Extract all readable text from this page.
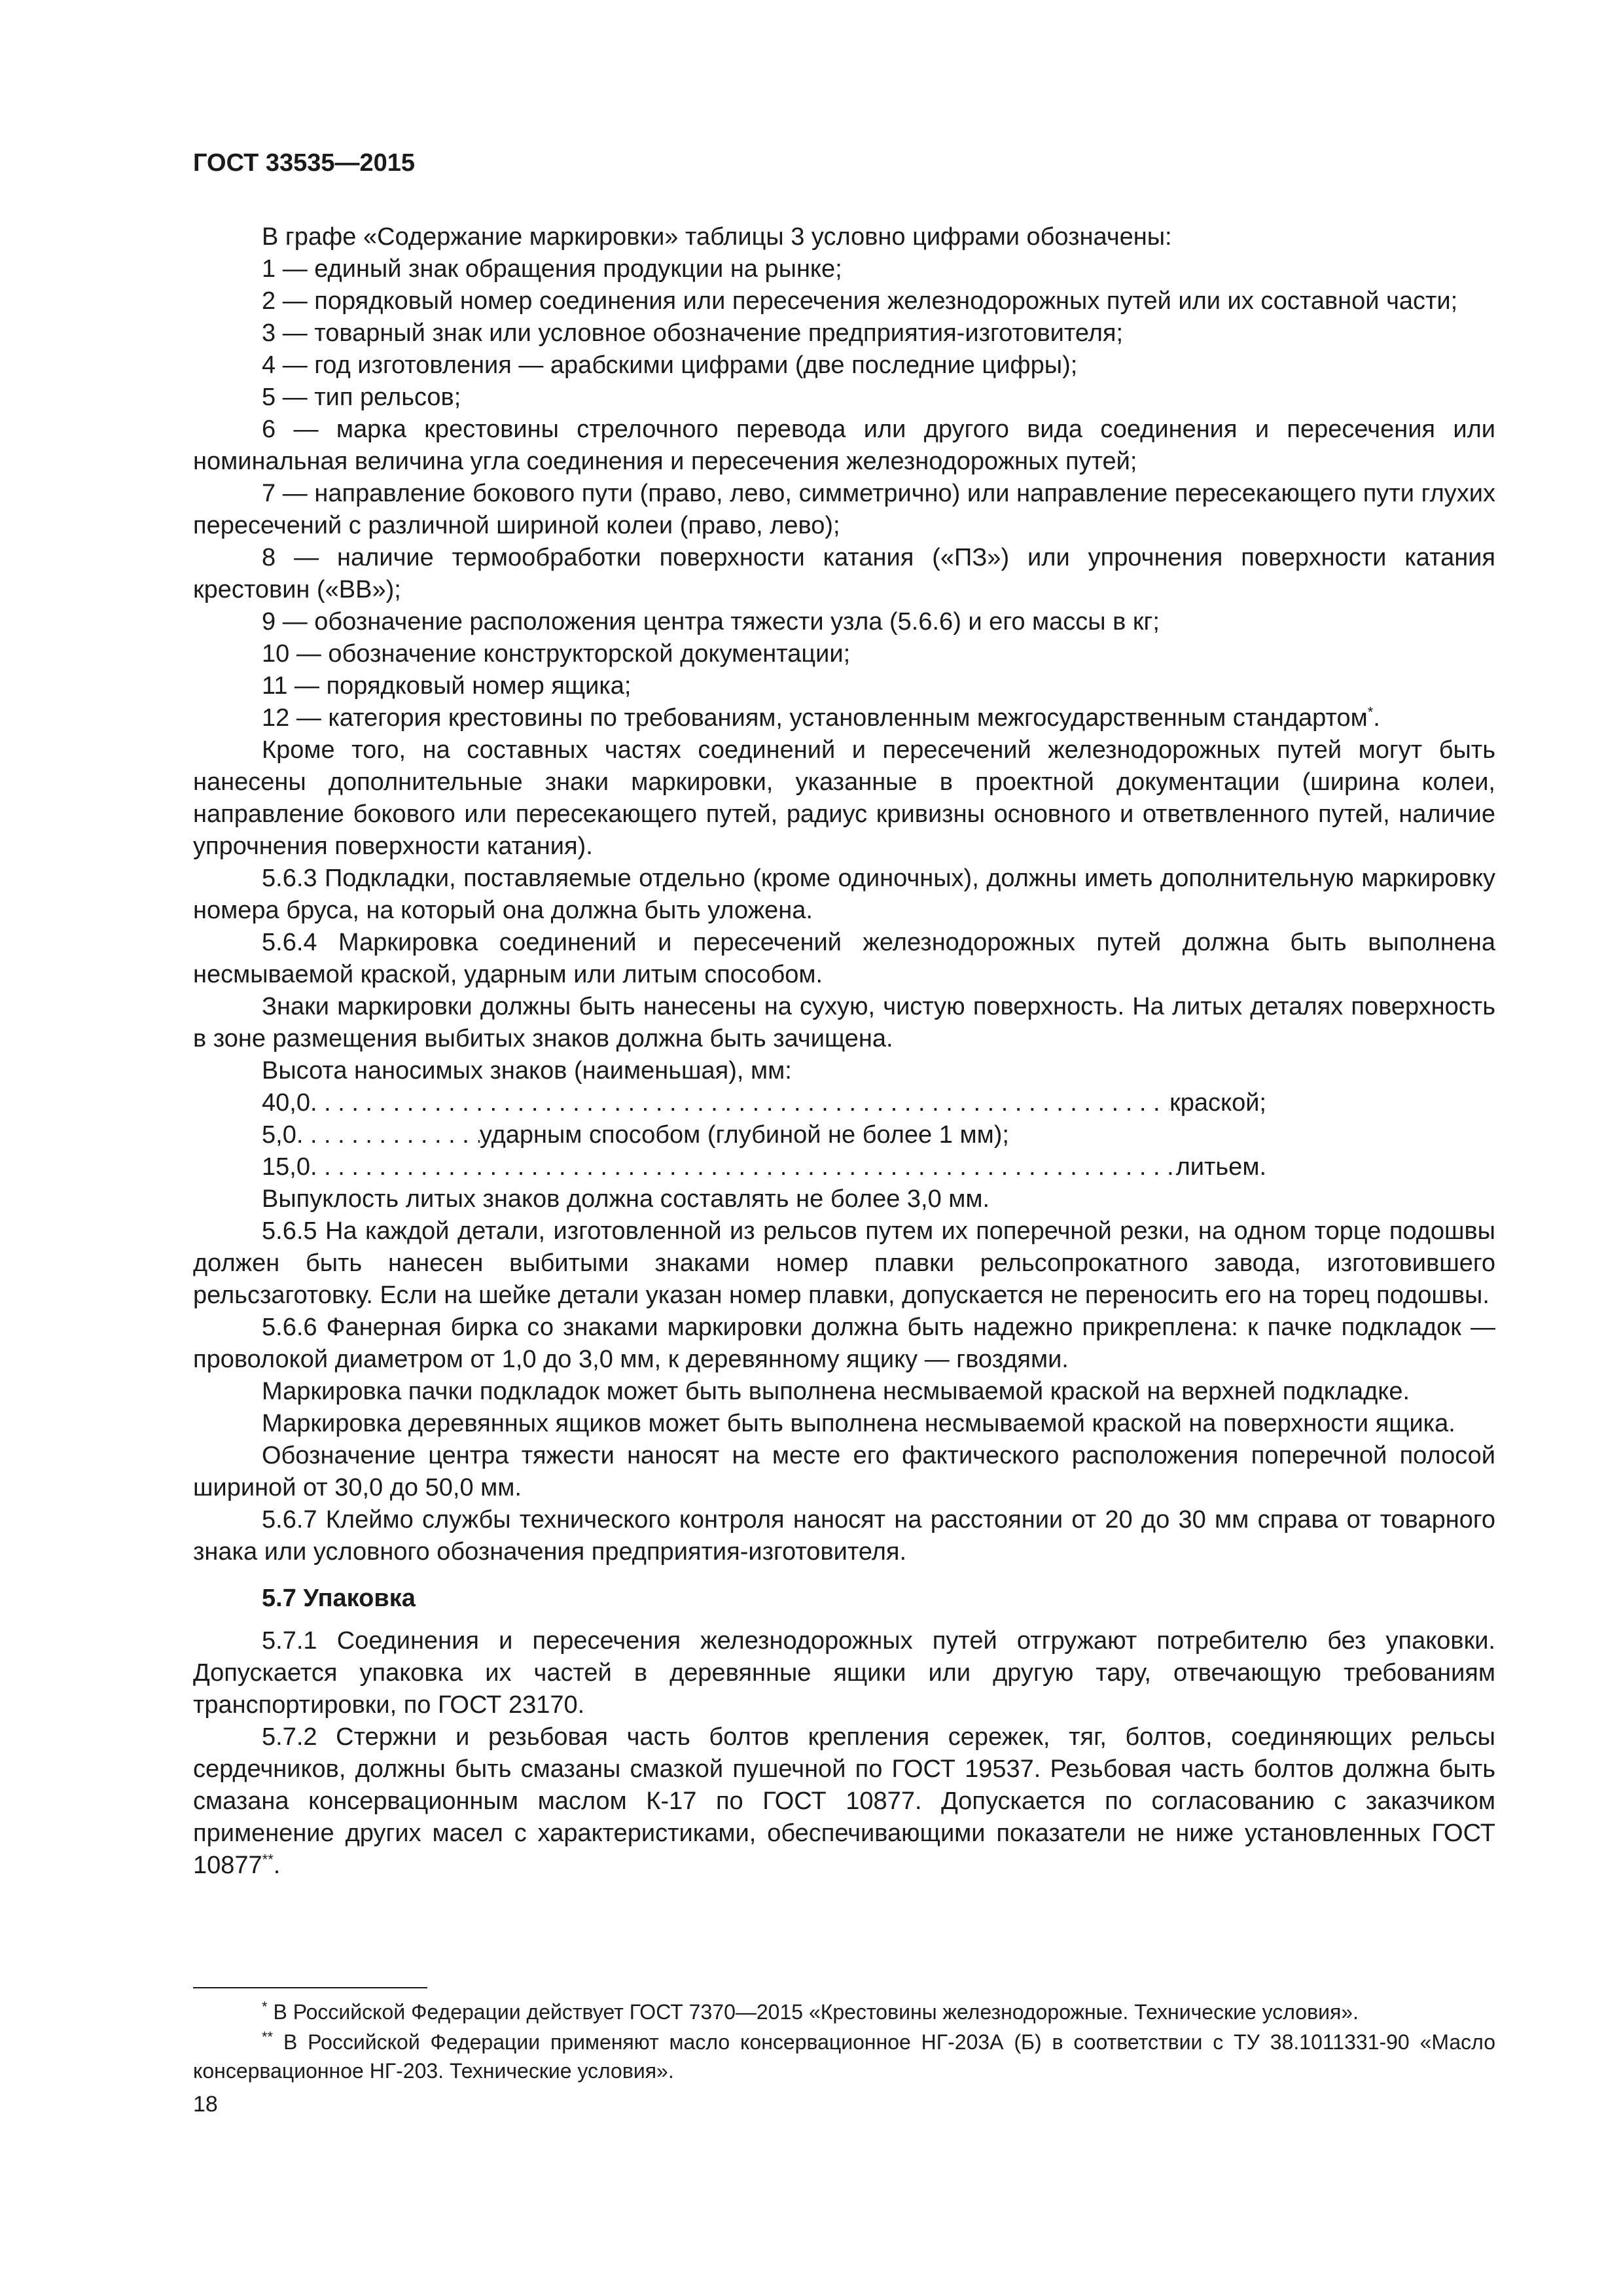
ГОСТ 33535—2015

В графе «Содержание маркировки» таблицы 3 условно цифрами обозначены:

1 — единый знак обращения продукции на рынке;

2 — порядковый номер соединения или пересечения железнодорожных путей или их составной части;

3 — товарный знак или условное обозначение предприятия-изготовителя;

4 — год изготовления — арабскими цифрами (две последние цифры);

5 — тип рельсов;

6 — марка крестовины стрелочного перевода или другого вида соединения и пересечения или номинальная величина угла соединения и пересечения железнодорожных путей;

7 — направление бокового пути (право, лево, симметрично) или направление пересекающего пути глухих пересечений с различной шириной колеи (право, лево);

8 — наличие термообработки поверхности катания («ПЗ») или упрочнения поверхности катания крестовин («ВВ»);

9 — обозначение расположения центра тяжести узла (5.6.6) и его массы в кг;

10 — обозначение конструкторской документации;

11 — порядковый номер ящика;

12 — категория крестовины по требованиям, установленным межгосударственным стандартом*.

Кроме того, на составных частях соединений и пересечений железнодорожных путей могут быть нанесены дополнительные знаки маркировки, указанные в проектной документации (ширина колеи, направление бокового или пересекающего путей, радиус кривизны основного и ответвленного путей, наличие упрочнения поверхности катания).

5.6.3 Подкладки, поставляемые отдельно (кроме одиночных), должны иметь дополнительную маркировку номера бруса, на который она должна быть уложена.

5.6.4 Маркировка соединений и пересечений железнодорожных путей должна быть выполнена несмываемой краской, ударным или литым способом.

Знаки маркировки должны быть нанесены на сухую, чистую поверхность. На литых деталях поверхность в зоне размещения выбитых знаков должна быть зачищена.

Высота наносимых знаков (наименьшая), мм:

40,0 . . .	краской;
5,0 . . .	ударным способом (глубиной не более 1 мм);
15,0 . . .	литьем.

Выпуклость литых знаков должна составлять не более 3,0 мм.

5.6.5 На каждой детали, изготовленной из рельсов путем их поперечной резки, на одном торце подошвы должен быть нанесен выбитыми знаками номер плавки рельсопрокатного завода, изготовившего рельсзаготовку. Если на шейке детали указан номер плавки, допускается не переносить его на торец подошвы.

5.6.6 Фанерная бирка со знаками маркировки должна быть надежно прикреплена: к пачке подкладок — проволокой диаметром от 1,0 до 3,0 мм, к деревянному ящику — гвоздями.

Маркировка пачки подкладок может быть выполнена несмываемой краской на верхней подкладке.

Маркировка деревянных ящиков может быть выполнена несмываемой краской на поверхности ящика.

Обозначение центра тяжести наносят на месте его фактического расположения поперечной полосой шириной от 30,0 до 50,0 мм.

5.6.7 Клеймо службы технического контроля наносят на расстоянии от 20 до 30 мм справа от товарного знака или условного обозначения предприятия-изготовителя.

5.7 Упаковка

5.7.1 Соединения и пересечения железнодорожных путей отгружают потребителю без упаковки. Допускается упаковка их частей в деревянные ящики или другую тару, отвечающую требованиям транспортировки, по ГОСТ 23170.

5.7.2 Стержни и резьбовая часть болтов крепления сережек, тяг, болтов, соединяющих рельсы сердечников, должны быть смазаны смазкой пушечной по ГОСТ 19537. Резьбовая часть болтов должна быть смазана консервационным маслом К-17 по ГОСТ 10877. Допускается по согласованию с заказчиком применение других масел с характеристиками, обеспечивающими показатели не ниже установленных ГОСТ 10877**.

* В Российской Федерации действует ГОСТ 7370—2015 «Крестовины железнодорожные. Технические условия».

** В Российской Федерации применяют масло консервационное НГ-203А (Б) в соответствии с ТУ 38.1011331-90 «Масло консервационное НГ-203. Технические условия».

18
